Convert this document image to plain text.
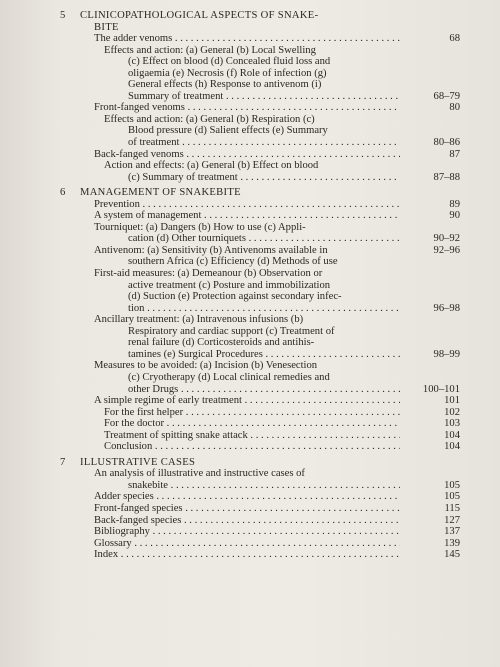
5 CLINICOPATHOLOGICAL ASPECTS OF SNAKE-
BITE
The adder venoms . . .	68
Effects and action: (a) General (b) Local Swelling
(c) Effect on blood (d) Concealed fluid loss and
oligaemia (e) Necrosis (f) Role of infection (g)
General effects (h) Response to antivenom (i)
Summary of treatment . . .	68–79
Front-fanged venoms . . .	80
Effects and action: (a) General (b) Respiration (c)
Blood pressure (d) Salient effects (e) Summary
of treatment . . .	80–86
Back-fanged venoms . . .	87
Action and effects: (a) General (b) Effect on blood
(c) Summary of treatment . . .	87–88
6 MANAGEMENT OF SNAKEBITE
Prevention . . .	89
A system of management . . .	90
Tourniquet: (a) Dangers (b) How to use (c) Appli-
cation (d) Other tourniquets . . .	90–92
Antivenom: (a) Sensitivity (b) Antivenoms available in	92–96
southern Africa (c) Efficiency (d) Methods of use
First-aid measures: (a) Demeanour (b) Observation or
active treatment (c) Posture and immobilization
(d) Suction (e) Protection against secondary infec-
tion . . .	96–98
Ancillary treatment: (a) Intravenous infusions (b)
Respiratory and cardiac support (c) Treatment of
renal failure (d) Corticosteroids and antihis-
tamines (e) Surgical Procedures . . .	98–99
Measures to be avoided: (a) Incision (b) Venesection
(c) Cryotherapy (d) Local clinical remedies and
other Drugs . . .	100–101
A simple regime of early treatment . . .	101
For the first helper . . .	102
For the doctor . . .	103
Treatment of spitting snake attack . . .	104
Conclusion . . .	104
7 ILLUSTRATIVE CASES
An analysis of illustrative and instructive cases of
snakebite . . .	105
Adder species . . .	105
Front-fanged species . . .	115
Back-fanged species . . .	127
Bibliography . . .	137
Glossary . . .	139
Index . . .	145
